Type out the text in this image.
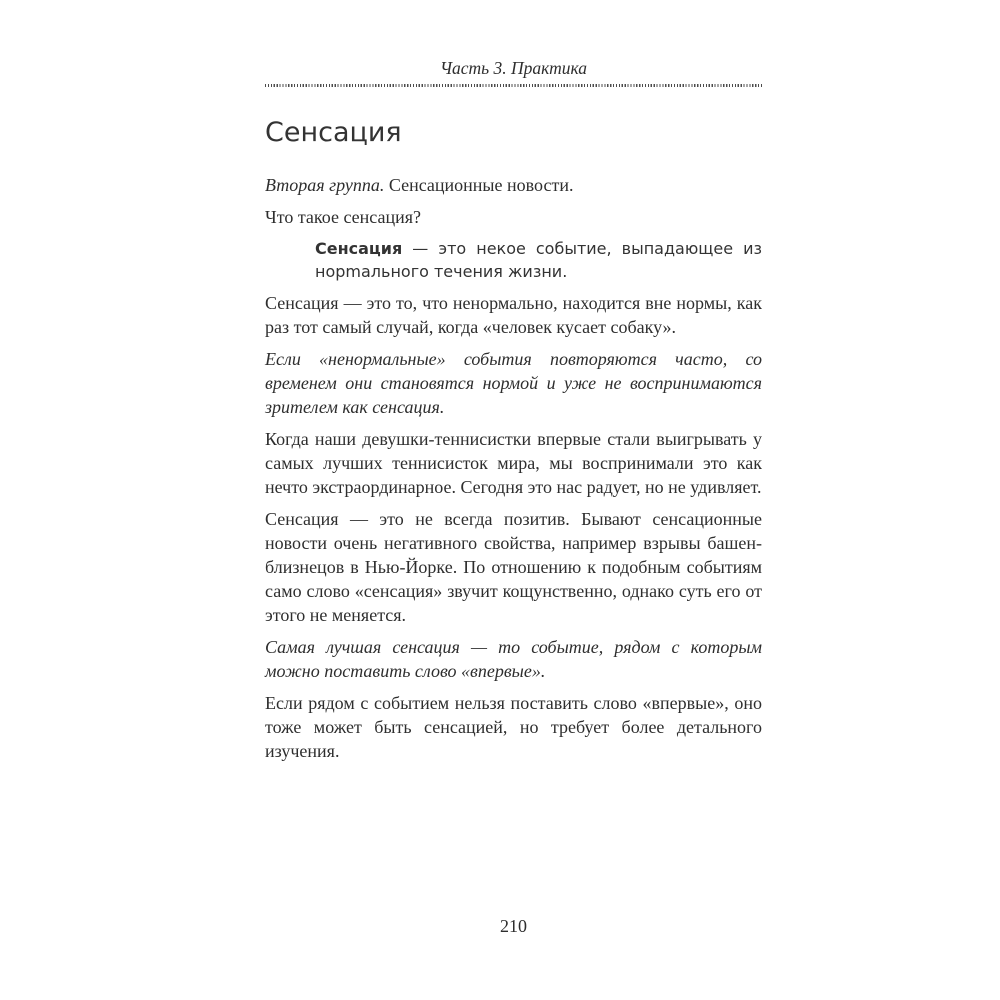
Часть 3. Практика
Сенсация

Вторая группа. Сенсационные новости.

Что такое сенсация?

Сенсация — это некое событие, выпадающее из норmального течения жизни.

Сенсация — это то, что ненормально, находится вне нормы, как раз тот самый случай, когда «человек кусает собаку».

Если «ненормальные» события повторяются часто, со временем они становятся нормой и уже не воспринимаются зрителем как сенсация.

Когда наши девушки-теннисистки впервые стали выигрывать у самых лучших теннисисток мира, мы воспринимали это как нечто экстраординарное. Сегодня это нас радует, но не удивляет.

Сенсация — это не всегда позитив. Бывают сенсационные новости очень негативного свойства, например взрывы башен-близнецов в Нью-Йорке. По отношению к подобным событиям само слово «сенсация» звучит кощунственно, однако суть его от этого не меняется.

Самая лучшая сенсация — то событие, рядом с которым можно поставить слово «впервые».

Если рядом с событием нельзя поставить слово «впервые», оно тоже может быть сенсацией, но требует более детального изучения.

210
